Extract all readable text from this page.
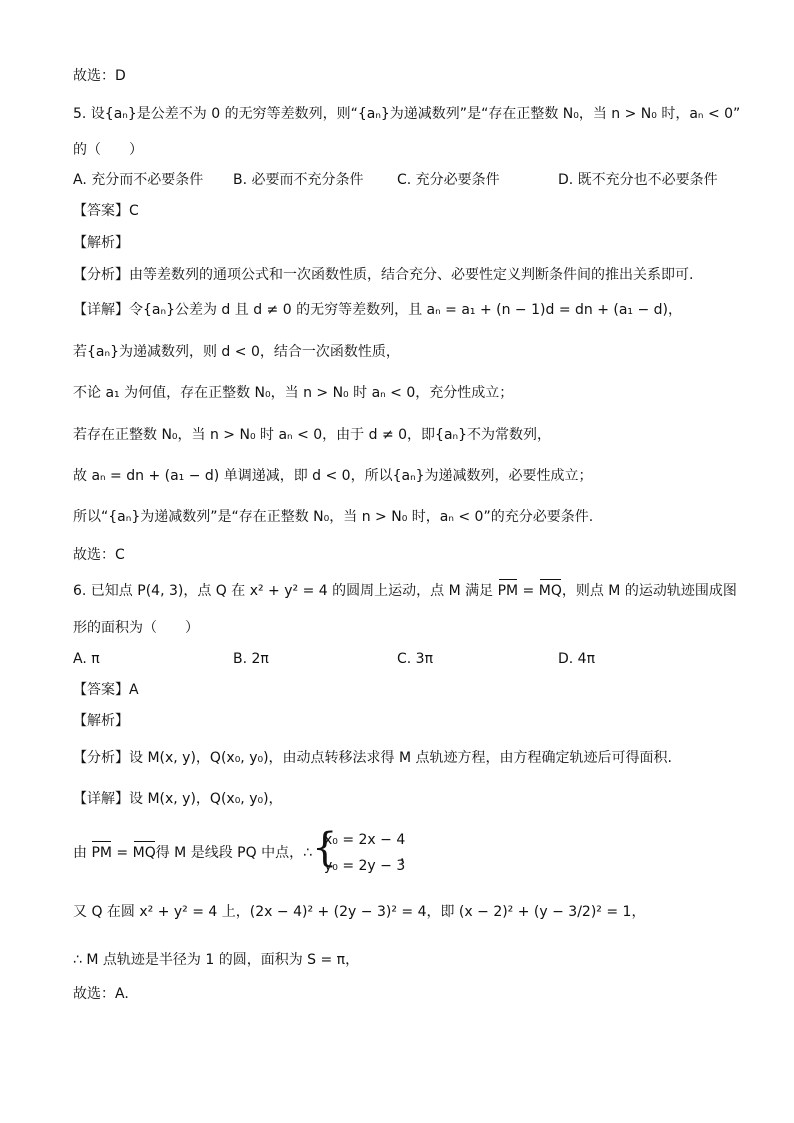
故选：D
5. 设{aₙ}是公差不为 0 的无穷等差数列，则“{aₙ}为递减数列”是“存在正整数 N₀，当 n > N₀ 时，aₙ < 0”
的（　　）
A. 充分而不必要条件 B. 必要而不充分条件 C. 充分必要条件	D. 既不充分也不必要条件
【答案】C
【解析】
【分析】由等差数列的通项公式和一次函数性质，结合充分、必要性定义判断条件间的推出关系即可.
【详解】令{aₙ}公差为 d 且 d ≠ 0 的无穷等差数列，且 aₙ = a₁ + (n − 1)d = dn + (a₁ − d)，
若{aₙ}为递减数列，则 d < 0，结合一次函数性质，
不论 a₁ 为何值，存在正整数 N₀，当 n > N₀ 时 aₙ < 0，充分性成立；
若存在正整数 N₀，当 n > N₀ 时 aₙ < 0，由于 d ≠ 0，即{aₙ}不为常数列，
故 aₙ = dn + (a₁ − d) 单调递减，即 d < 0，所以{aₙ}为递减数列，必要性成立；
所以“{aₙ}为递减数列”是“存在正整数 N₀，当 n > N₀ 时，aₙ < 0”的充分必要条件.
故选：C
6. 已知点 P(4, 3)，点 Q 在 x² + y² = 4 的圆周上运动，点 M 满足 PM = MQ，则点 M 的运动轨迹围成图
形的面积为（　　）
A. π	B. 2π	C. 3π	D. 4π
【答案】A
【解析】
【分析】设 M(x, y)，Q(x₀, y₀)，由动点转移法求得 M 点轨迹方程，由方程确定轨迹后可得面积.
【详解】设 M(x, y)，Q(x₀, y₀)，
由 PM = MQ得 M 是线段 PQ 中点，∴ {
x₀ = 2x − 4
y₀ = 2y − 3
，
又 Q 在圆 x² + y² = 4 上，(2x − 4)² + (2y − 3)² = 4，即 (x − 2)² + (y − 3/2)² = 1，
∴ M 点轨迹是半径为 1 的圆，面积为 S = π，
故选：A.
